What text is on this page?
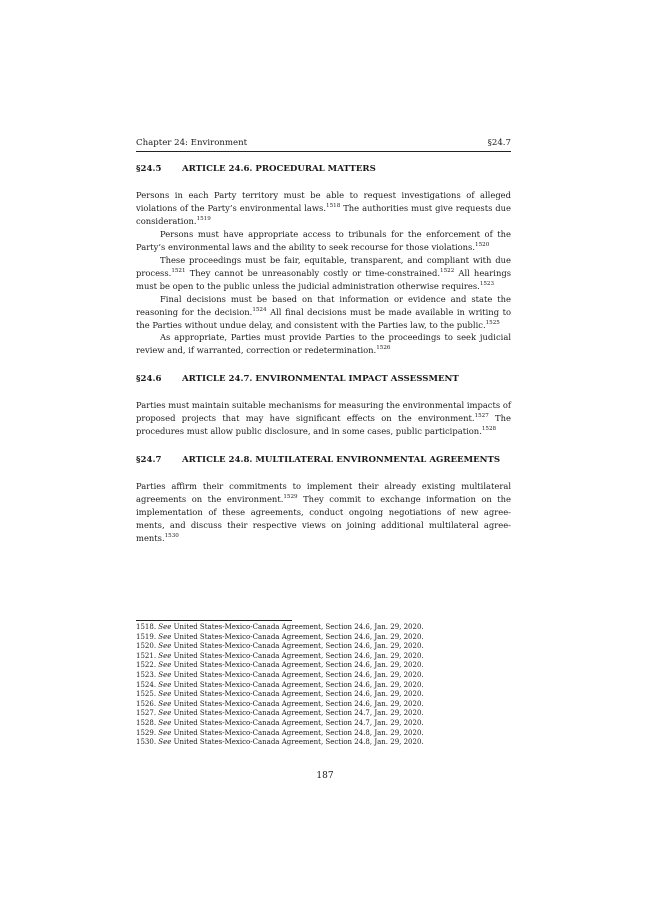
Chapter 24: Environment	§24.7
§24.5	ARTICLE 24.6. PROCEDURAL MATTERS

Persons in each Party territory must be able to request investigations of alleged violations of the Party’s environmental laws.$^{1518}$ The authorities must give requests due consideration.$^{1519}$

Persons must have appropriate access to tribunals for the enforcement of the Party’s environmental laws and the ability to seek recourse for those violations.$^{1520}$

These proceedings must be fair, equitable, transparent, and compliant with due process.$^{1521}$ They cannot be unreasonably costly or time-constrained.$^{1522}$ All hearings must be open to the public unless the judicial administration otherwise requires.$^{1523}$

Final decisions must be based on that information or evidence and state the reasoning for the decision.$^{1524}$ All final decisions must be made available in writing to the Parties without undue delay, and consistent with the Parties law, to the public.$^{1525}$

As appropriate, Parties must provide Parties to the proceedings to seek judicial review and, if warranted, correction or redetermination.$^{1526}$

§24.6	ARTICLE 24.7. ENVIRONMENTAL IMPACT ASSESSMENT

Parties must maintain suitable mechanisms for measuring the environmental impacts of proposed projects that may have significant effects on the environment.$^{1527}$ The procedures must allow public disclosure, and in some cases, public participation.$^{1528}$

§24.7	ARTICLE 24.8. MULTILATERAL ENVIRONMENTAL AGREEMENTS

Parties affirm their commitments to implement their already existing multilateral agreements on the environment.$^{1529}$ They commit to exchange information on the implementation of these agreements, conduct ongoing negotiations of new agree-ments, and discuss their respective views on joining additional multilateral agree-ments.$^{1530}$

1518. See United States-Mexico-Canada Agreement, Section 24.6, Jan. 29, 2020.
1519. See United States-Mexico-Canada Agreement, Section 24.6, Jan. 29, 2020.
1520. See United States-Mexico-Canada Agreement, Section 24.6, Jan. 29, 2020.
1521. See United States-Mexico-Canada Agreement, Section 24.6, Jan. 29, 2020.
1522. See United States-Mexico-Canada Agreement, Section 24.6, Jan. 29, 2020.
1523. See United States-Mexico-Canada Agreement, Section 24.6, Jan. 29, 2020.
1524. See United States-Mexico-Canada Agreement, Section 24.6, Jan. 29, 2020.
1525. See United States-Mexico-Canada Agreement, Section 24.6, Jan. 29, 2020.
1526. See United States-Mexico-Canada Agreement, Section 24.6, Jan. 29, 2020.
1527. See United States-Mexico-Canada Agreement, Section 24.7, Jan. 29, 2020.
1528. See United States-Mexico-Canada Agreement, Section 24.7, Jan. 29, 2020.
1529. See United States-Mexico-Canada Agreement, Section 24.8, Jan. 29, 2020.
1530. See United States-Mexico-Canada Agreement, Section 24.8, Jan. 29, 2020.
187
